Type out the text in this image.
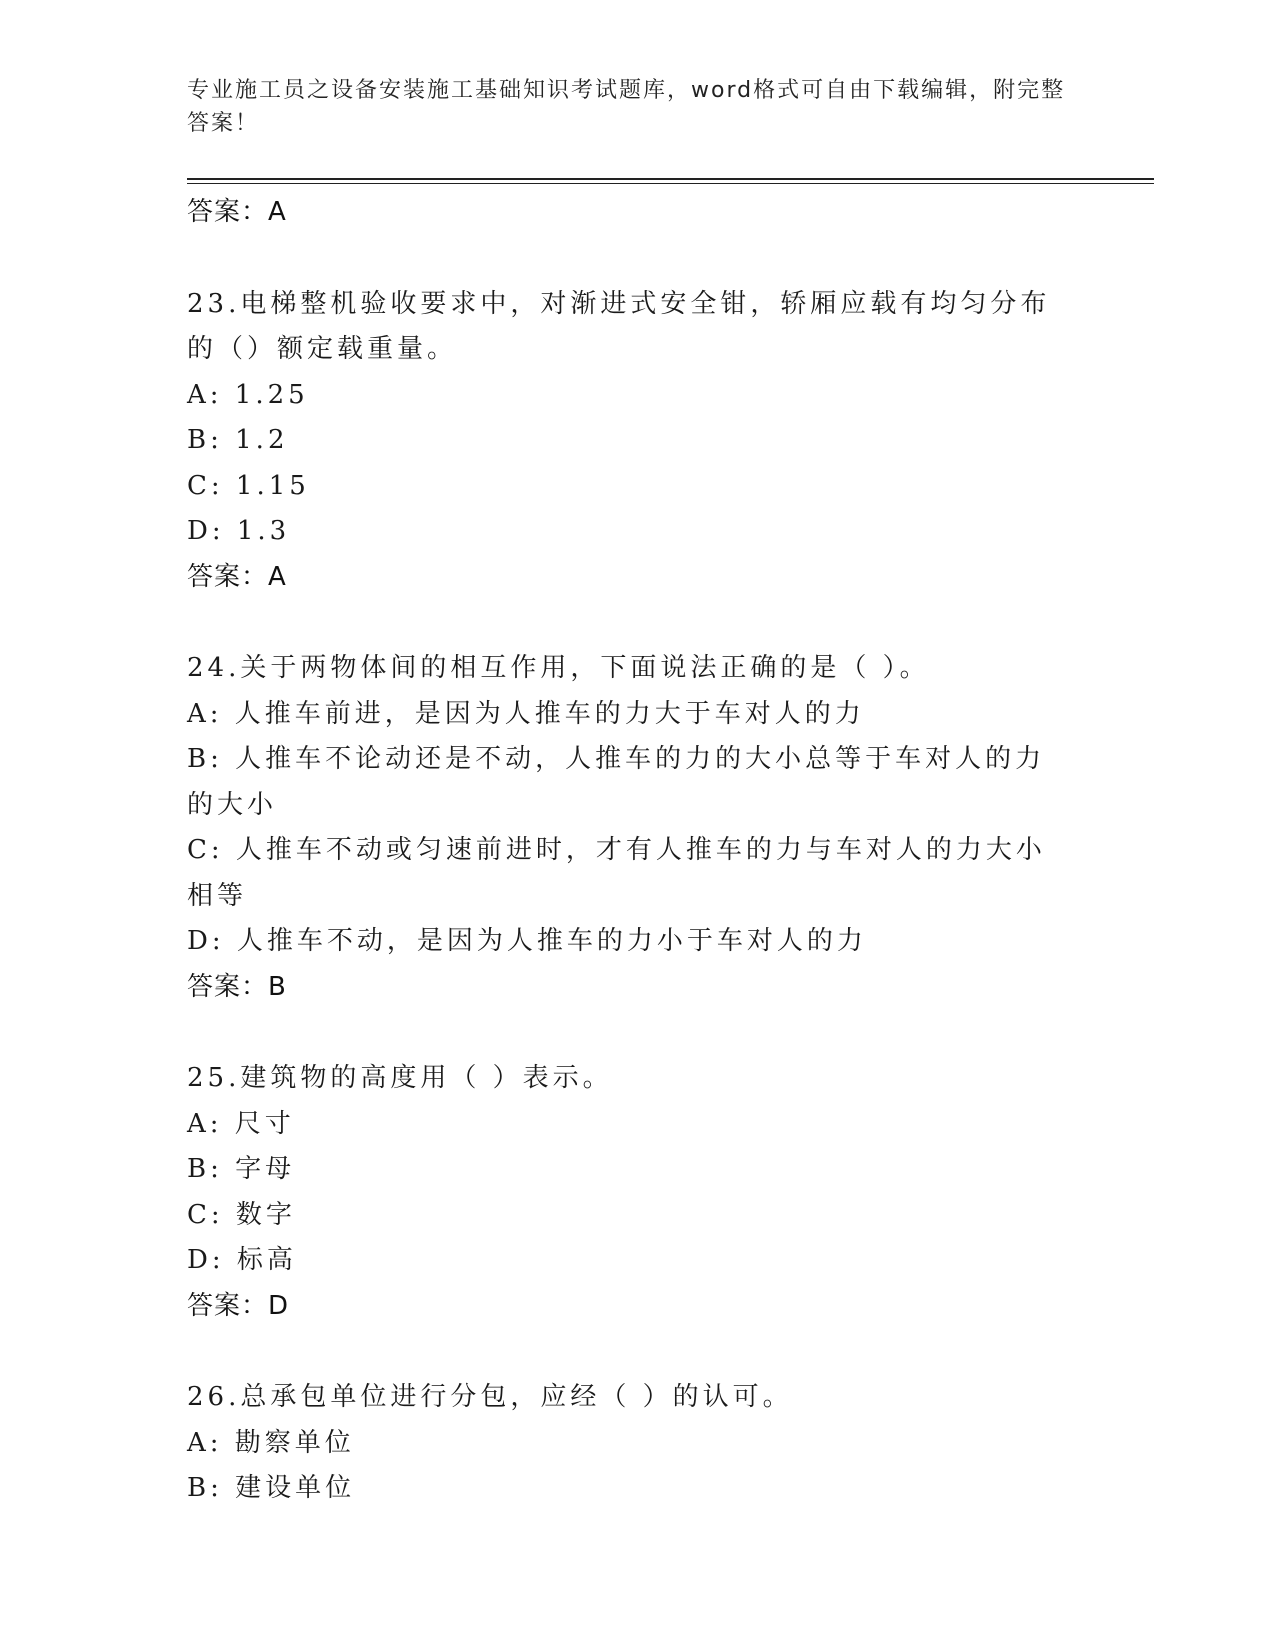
专业施工员之设备安装施工基础知识考试题库，word格式可自由下载编辑，附完整答案！
答案：A
23.电梯整机验收要求中，对渐进式安全钳，轿厢应载有均匀分布的（）额定载重量。
A: 1.25
B: 1.2
C: 1.15
D: 1.3
答案：A
24.关于两物体间的相互作用，下面说法正确的是（ ）。
A: 人推车前进，是因为人推车的力大于车对人的力
B: 人推车不论动还是不动，人推车的力的大小总等于车对人的力的大小
C: 人推车不动或匀速前进时，才有人推车的力与车对人的力大小相等
D: 人推车不动，是因为人推车的力小于车对人的力
答案：B
25.建筑物的高度用（ ）表示。
A: 尺寸
B: 字母
C: 数字
D: 标高
答案：D
26.总承包单位进行分包，应经（ ）的认可。
A: 勘察单位
B: 建设单位
